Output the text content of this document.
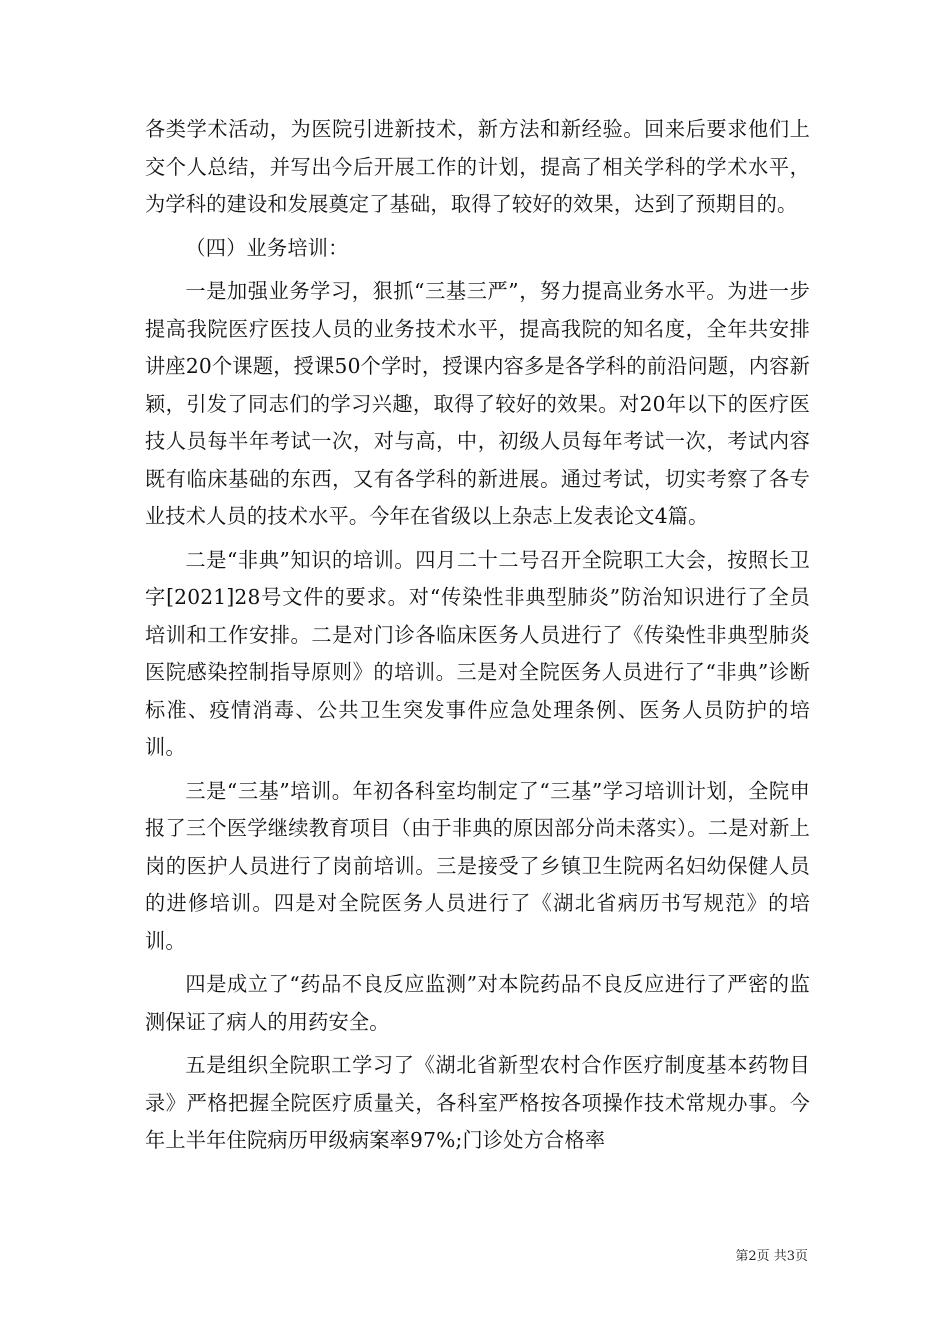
各类学术活动，为医院引进新技术，新方法和新经验。回来后要求他们上交个人总结，并写出今后开展工作的计划，提高了相关学科的学术水平，为学科的建设和发展奠定了基础，取得了较好的效果，达到了预期目的。

（四）业务培训：

一是加强业务学习，狠抓“三基三严”，努力提高业务水平。为进一步提高我院医疗医技人员的业务技术水平，提高我院的知名度，全年共安排讲座20个课题，授课50个学时，授课内容多是各学科的前沿问题，内容新颖，引发了同志们的学习兴趣，取得了较好的效果。对20年以下的医疗医技人员每半年考试一次，对与高，中，初级人员每年考试一次，考试内容既有临床基础的东西，又有各学科的新进展。通过考试，切实考察了各专业技术人员的技术水平。今年在省级以上杂志上发表论文4篇。

二是“非典”知识的培训。四月二十二号召开全院职工大会，按照长卫字[2021]28号文件的要求。对“传染性非典型肺炎”防治知识进行了全员培训和工作安排。二是对门诊各临床医务人员进行了《传染性非典型肺炎医院感染控制指导原则》的培训。三是对全院医务人员进行了“非典”诊断标准、疫情消毒、公共卫生突发事件应急处理条例、医务人员防护的培训。

三是“三基”培训。年初各科室均制定了“三基”学习培训计划，全院申报了三个医学继续教育项目（由于非典的原因部分尚未落实）。二是对新上岗的医护人员进行了岗前培训。三是接受了乡镇卫生院两名妇幼保健人员的进修培训。四是对全院医务人员进行了《湖北省病历书写规范》的培训。

四是成立了“药品不良反应监测”对本院药品不良反应进行了严密的监测保证了病人的用药安全。

五是组织全院职工学习了《湖北省新型农村合作医疗制度基本药物目录》严格把握全院医疗质量关，各科室严格按各项操作技术常规办事。今年上半年住院病历甲级病案率97%;门诊处方合格率

第2页 共3页
